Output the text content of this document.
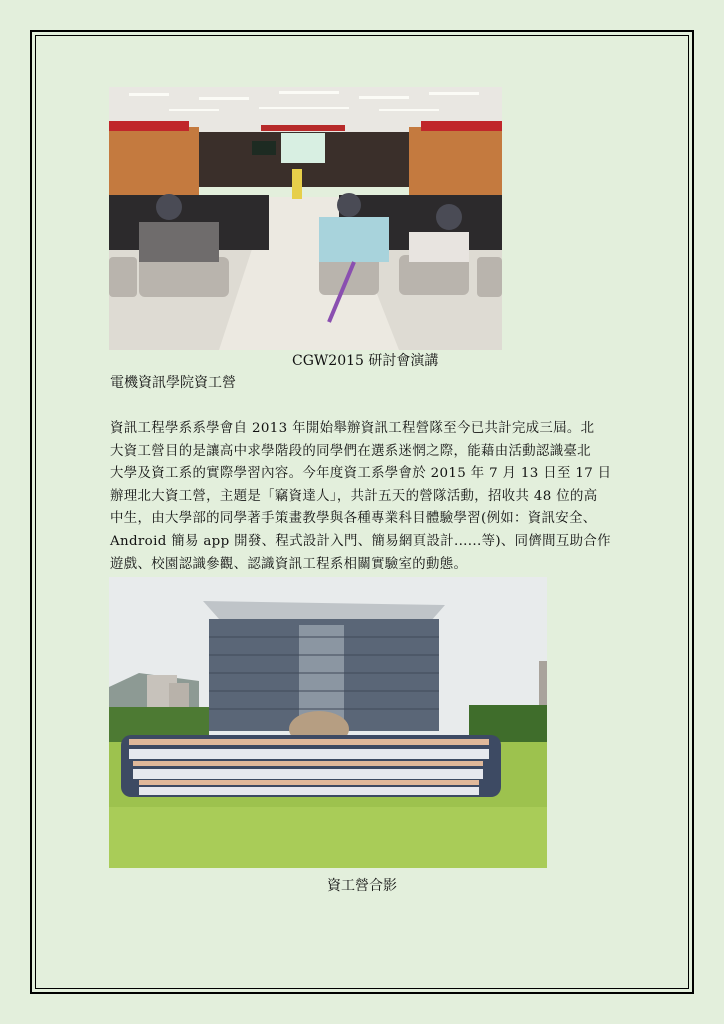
CGW2015 研討會演講
電機資訊學院資工營
資訊工程學系系學會自 2013 年開始舉辦資訊工程營隊至今已共計完成三屆。北
大資工營目的是讓高中求學階段的同學們在選系迷惘之際，能藉由活動認識臺北
大學及資工系的實際學習內容。今年度資工系學會於 2015 年 7 月 13 日至 17 日
辦理北大資工營，主題是「竊資達人」，共計五天的營隊活動，招收共 48 位的高
中生，由大學部的同學著手策畫教學與各種專業科目體驗學習(例如：資訊安全、
Android 簡易 app 開發、程式設計入門、簡易網頁設計......等)、同儕間互助合作
遊戲、校園認識參觀、認識資訊工程系相關實驗室的動態。
資工營合影
